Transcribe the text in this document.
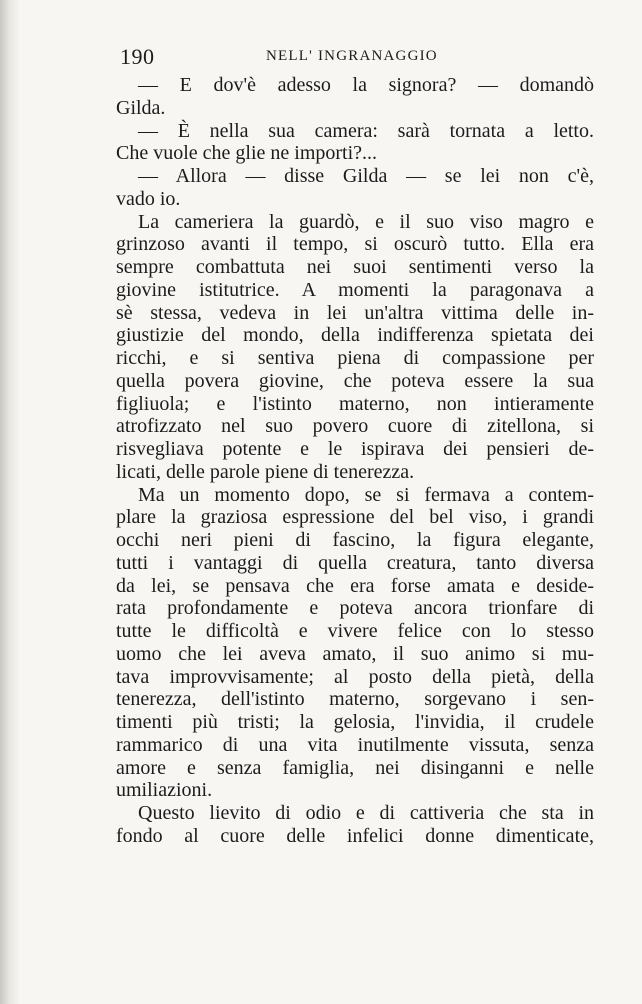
190	NELL' INGRANAGGIO
— E dov'è adesso la signora? — domandò
Gilda.
— È nella sua camera: sarà tornata a letto.
Che vuole che glie ne importi?...
— Allora — disse Gilda — se lei non c'è,
vado io.
La cameriera la guardò, e il suo viso magro e
grinzoso avanti il tempo, si oscurò tutto. Ella era
sempre combattuta nei suoi sentimenti verso la
giovine istitutrice. A momenti la paragonava a
sè stessa, vedeva in lei un'altra vittima delle in-
giustizie del mondo, della indifferenza spietata dei
ricchi, e si sentiva piena di compassione per
quella povera giovine, che poteva essere la sua
figliuola; e l'istinto materno, non intieramente
atrofizzato nel suo povero cuore di zitellona, si
risvegliava potente e le ispirava dei pensieri de-
licati, delle parole piene di tenerezza.
Ma un momento dopo, se si fermava a contem-
plare la graziosa espressione del bel viso, i grandi
occhi neri pieni di fascino, la figura elegante,
tutti i vantaggi di quella creatura, tanto diversa
da lei, se pensava che era forse amata e deside-
rata profondamente e poteva ancora trionfare di
tutte le difficoltà e vivere felice con lo stesso
uomo che lei aveva amato, il suo animo si mu-
tava improvvisamente; al posto della pietà, della
tenerezza, dell'istinto materno, sorgevano i sen-
timenti più tristi; la gelosia, l'invidia, il crudele
rammarico di una vita inutilmente vissuta, senza
amore e senza famiglia, nei disinganni e nelle
umiliazioni.
Questo lievito di odio e di cattiveria che sta in
fondo al cuore delle infelici donne dimenticate,
